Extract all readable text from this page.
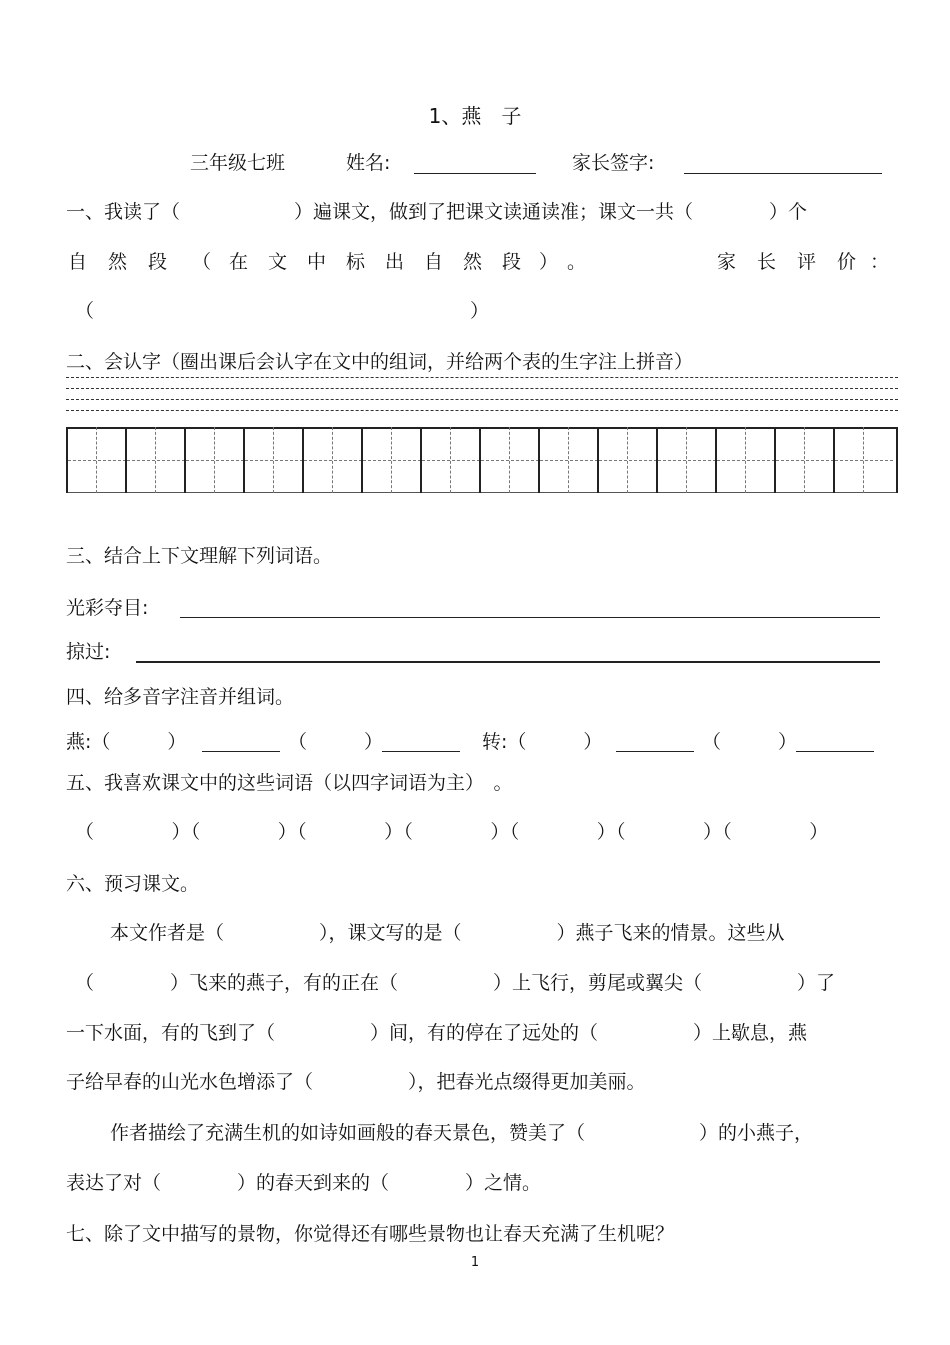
1、燕　子
三年级七班	姓名:	家长签字:
一、我读了（　　　　　　）遍课文，做到了把课文读通读准；课文一共（　　　　）个
自 然 段 （ 在 文 中 标 出 自 然 段 ） 。	家 长 评 价 ：
（	）
二、会认字（圈出课后会认字在文中的组词，并给两个表的生字注上拼音）
三、结合上下文理解下列词语。
光彩夺目:
掠过:
四、给多音字注音并组词。
燕:（　　　）	（　　　）	转:（　　　）	（　　　）
五、我喜欢课文中的这些词语（以四字词语为主）　。
（　　　　）（　　　　）（　　　　）（　　　　）（　　　　）（　　　　）（　　　　）
六、预习课文。
本文作者是（　　　　　），课文写的是（　　　　　）燕子飞来的情景。这些从
（　　　　）飞来的燕子，有的正在（　　　　　）上飞行，剪尾或翼尖（　　　　　）了
一下水面，有的飞到了（　　　　　）间，有的停在了远处的（　　　　　）上歇息，燕
子给早春的山光水色增添了（　　　　　），把春光点缀得更加美丽。
作者描绘了充满生机的如诗如画般的春天景色，赞美了（　　　　　　）的小燕子，
表达了对（　　　　）的春天到来的（　　　　）之情。
七、除了文中描写的景物，你觉得还有哪些景物也让春天充满了生机呢？
1
